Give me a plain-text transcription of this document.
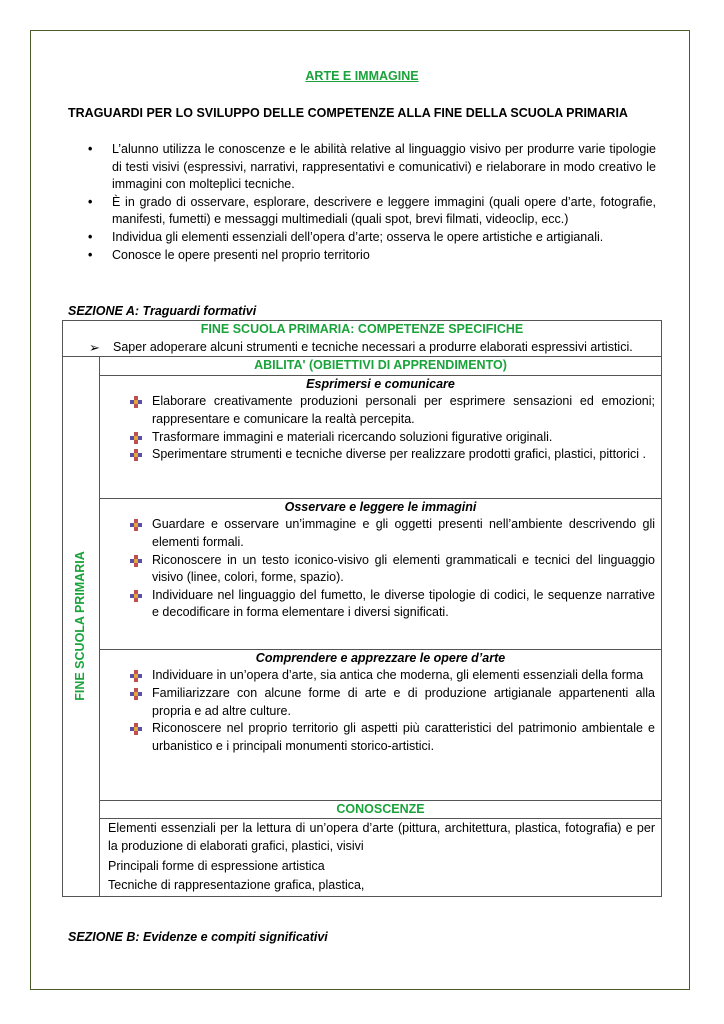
ARTE E IMMAGINE
TRAGUARDI PER LO SVILUPPO DELLE COMPETENZE ALLA FINE DELLA SCUOLA PRIMARIA
• L’alunno utilizza le conoscenze e le abilità relative al linguaggio visivo per produrre varie tipologie di testi visivi (espressivi, narrativi, rappresentativi e comunicativi) e rielaborare in modo creativo le immagini con molteplici tecniche.
• È in grado di osservare, esplorare, descrivere e leggere immagini (quali opere d’arte, fotografie, manifesti, fumetti) e messaggi multimediali (quali spot, brevi filmati, videoclip, ecc.)
• Individua gli elementi essenziali dell’opera d’arte; osserva le opere artistiche e artigianali.
• Conosce le opere presenti nel proprio territorio
SEZIONE A: Traguardi formativi
FINE SCUOLA PRIMARIA: COMPETENZE SPECIFICHE
➢ Saper adoperare alcuni strumenti e tecniche necessari a produrre elaborati espressivi artistici.

FINE SCUOLA PRIMARIA

ABILITA' (OBIETTIVI DI APPRENDIMENTO)

Esprimersi e comunicare
Elaborare creativamente produzioni personali per esprimere sensazioni ed emozioni; rappresentare e comunicare la realtà percepita.
Trasformare immagini e materiali ricercando soluzioni figurative originali.
Sperimentare strumenti e tecniche diverse per realizzare prodotti grafici, plastici, pittorici .

Osservare e leggere le immagini
Guardare e osservare un’immagine e gli oggetti presenti nell’ambiente descrivendo gli elementi formali.
Riconoscere in un testo iconico-visivo gli elementi grammaticali e tecnici del linguaggio visivo (linee, colori, forme, spazio).
Individuare nel linguaggio del fumetto, le diverse tipologie di codici, le sequenze narrative e decodificare in forma elementare i diversi significati.

Comprendere e apprezzare le opere d’arte
Individuare in un’opera d’arte, sia antica che moderna, gli elementi essenziali della forma
Familiarizzare con alcune forme di arte e di produzione artigianale appartenenti alla propria e ad altre culture.
Riconoscere nel proprio territorio gli aspetti più caratteristici del patrimonio ambientale e urbanistico e i principali monumenti storico-artistici.

CONOSCENZE
Elementi essenziali per la lettura di un’opera d’arte (pittura, architettura, plastica, fotografia) e per la produzione di elaborati grafici, plastici, visivi
Principali forme di espressione artistica
Tecniche di rappresentazione grafica, plastica,
SEZIONE B: Evidenze e compiti significativi
